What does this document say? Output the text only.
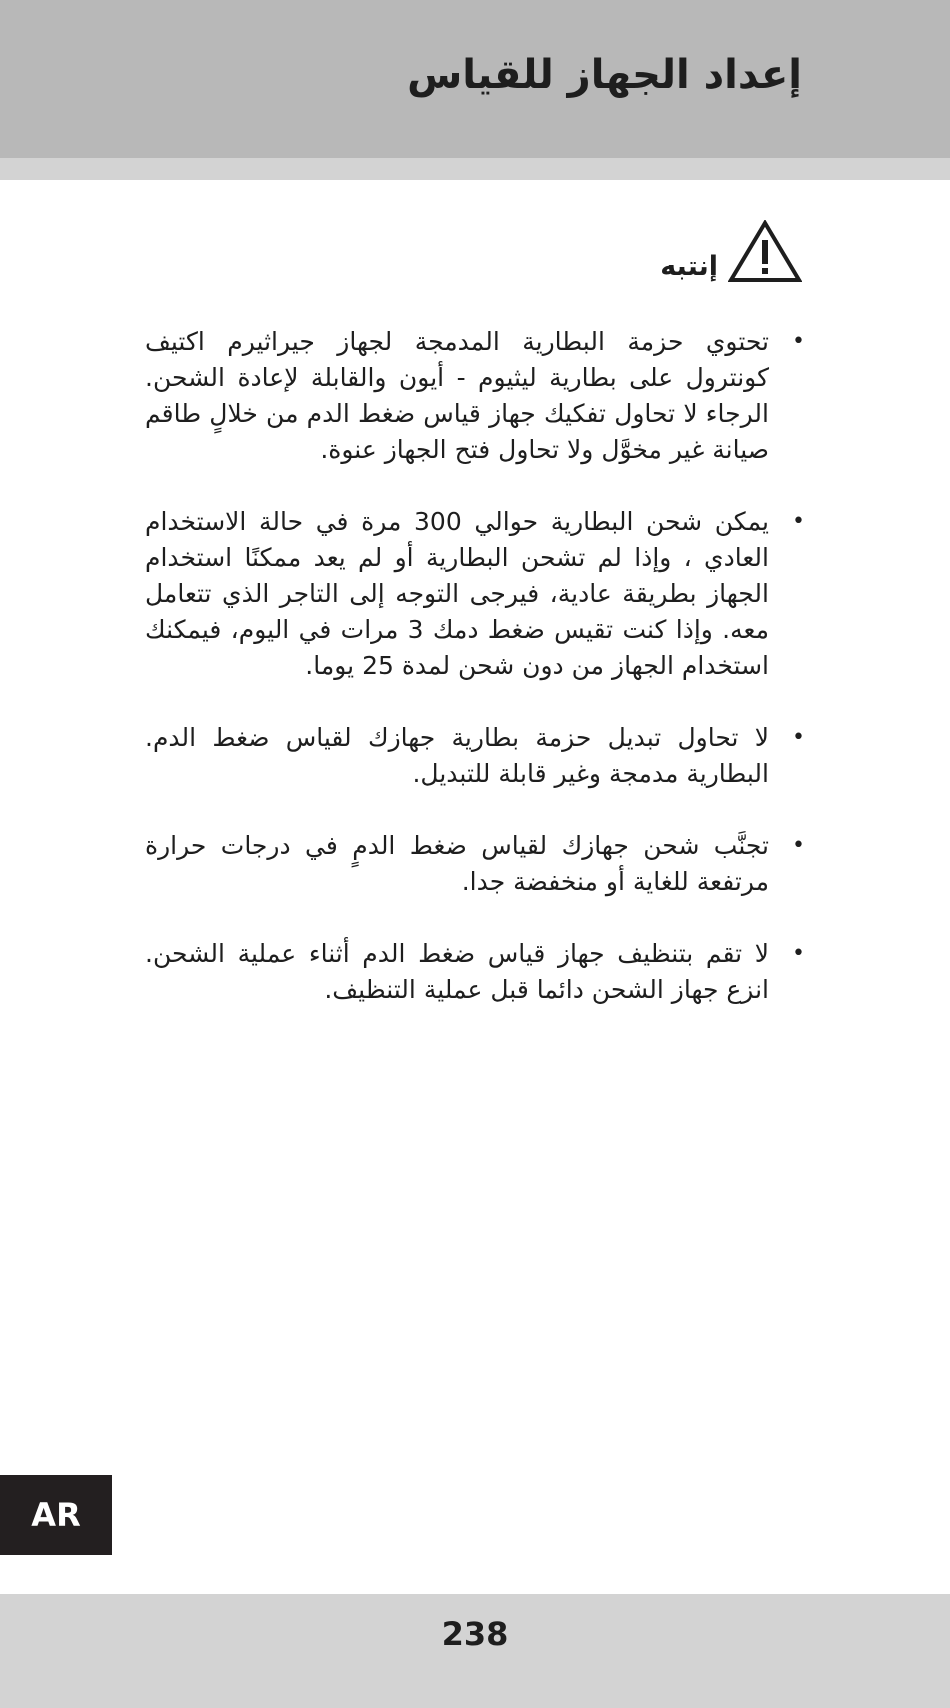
إعداد الجهاز للقياس
إنتبه
• تحتوي حزمة البطارية المدمجة لجهاز جيراثيرم اكتيف كونترول على بطارية ليثيوم - أيون والقابلة لإعادة الشحن. الرجاء لا تحاول تفكيك جهاز قياس ضغط الدم من خلالٍ طاقم صيانة غير مخوَّل ولا تحاول فتح الجهاز عنوة.
• يمكن شحن البطارية حوالي 300 مرة في حالة الاستخدام العادي ، وإذا لم تشحن البطارية أو لم يعد ممكنًا استخدام الجهاز بطريقة عادية، فيرجى التوجه إلى التاجر الذي تتعامل معه. وإذا كنت تقيس ضغط دمك 3 مرات في اليوم، فيمكنك استخدام الجهاز من دون شحن لمدة 25 يوما.
• لا تحاول تبديل حزمة بطارية جهازك لقياس ضغط الدم. البطارية مدمجة وغير قابلة للتبديل.
• تجنَّب شحن جهازك لقياس ضغط الدمٍ في درجات حرارة مرتفعة للغاية أو منخفضة جدا.
• لا تقم بتنظيف جهاز قياس ضغط الدم أثناء عملية الشحن. انزع جهاز الشحن دائما قبل عملية التنظيف.
AR
238
